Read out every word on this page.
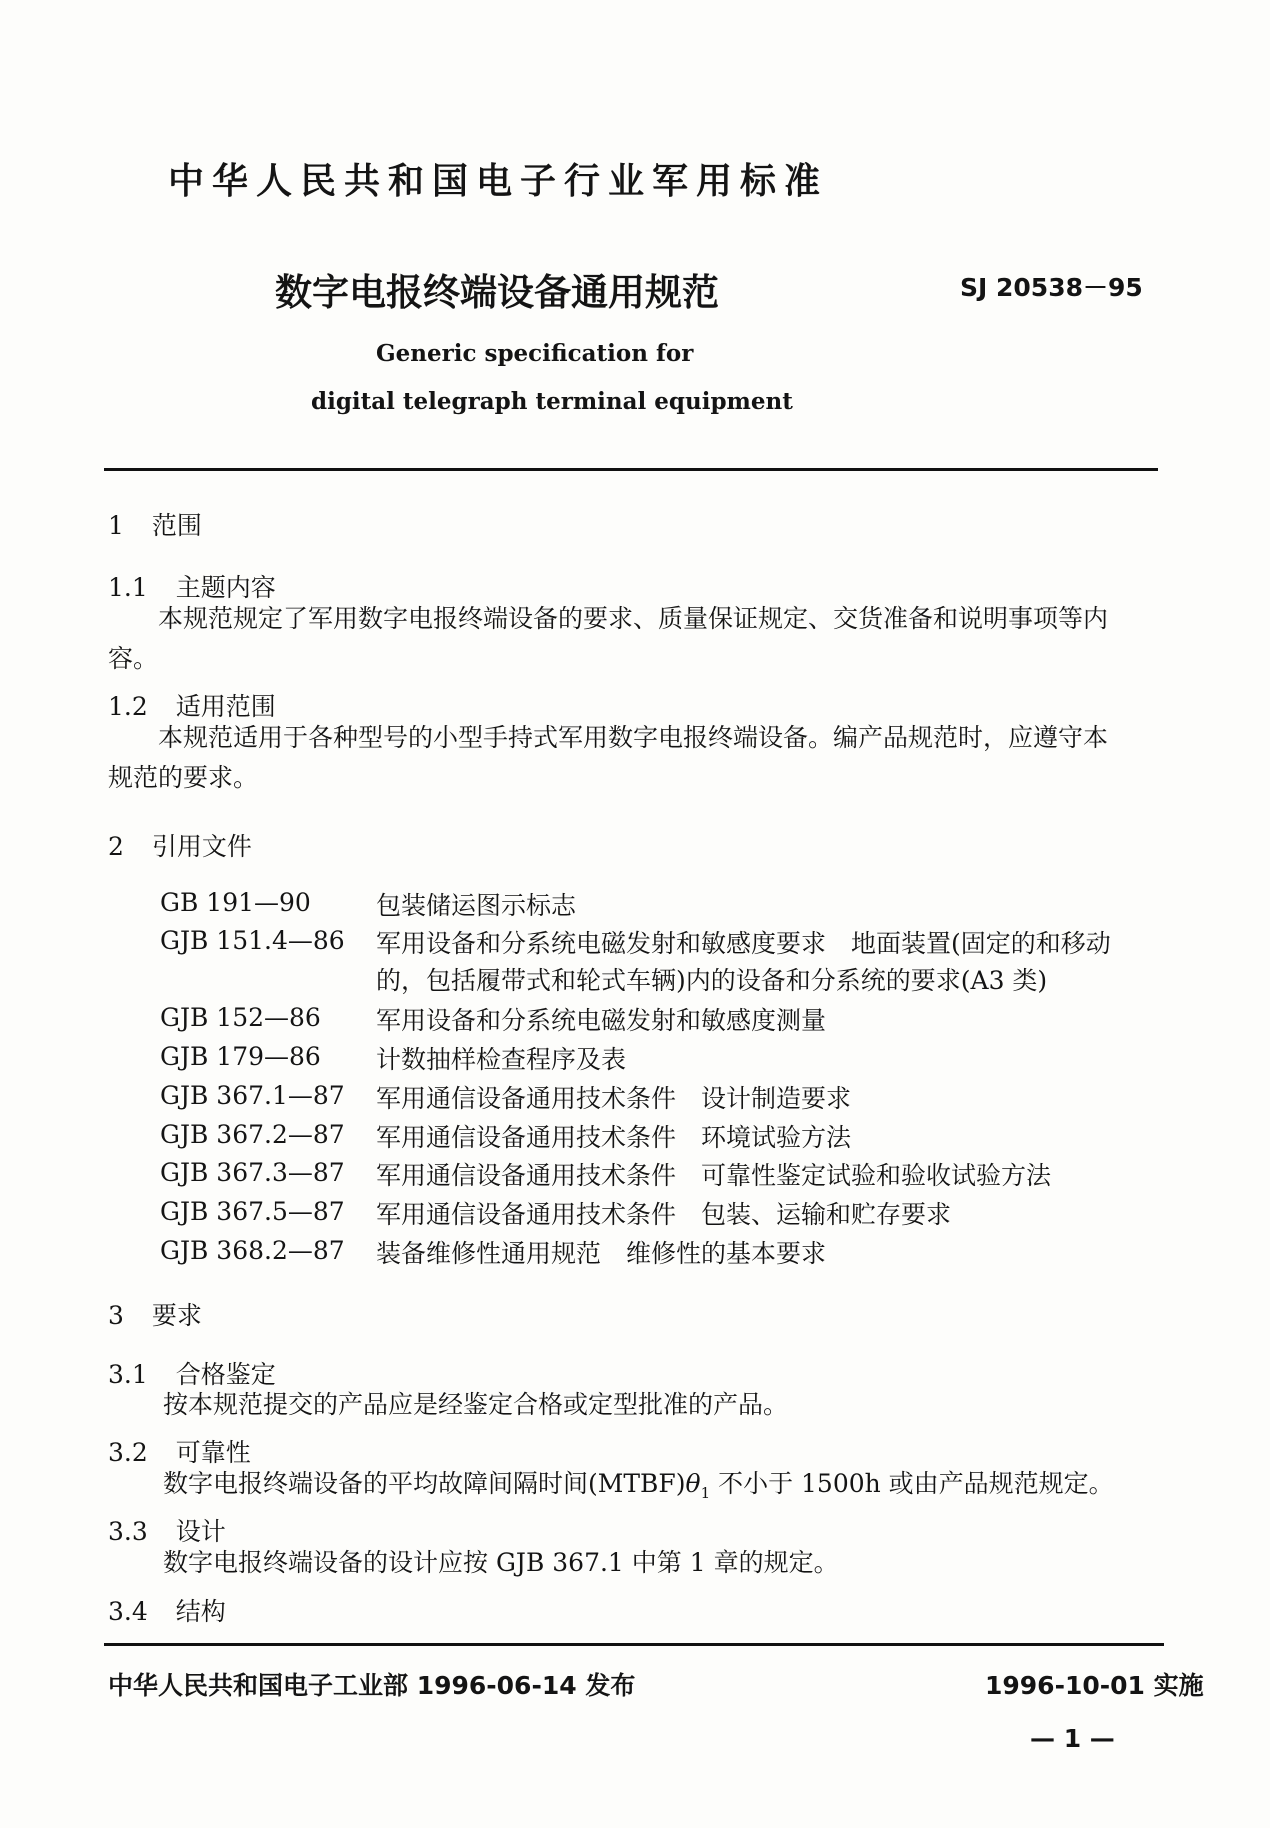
中华人民共和国电子行业军用标准
数字电报终端设备通用规范	SJ 20538－95
Generic specification for
digital telegraph terminal equipment
1 范围
1.1 主题内容
本规范规定了军用数字电报终端设备的要求、质量保证规定、交货准备和说明事项等内
容。
1.2 适用范围
本规范适用于各种型号的小型手持式军用数字电报终端设备。编产品规范时，应遵守本
规范的要求。
2 引用文件
GB 191—90	包装储运图示标志
GJB 151.4—86 军用设备和分系统电磁发射和敏感度要求　地面装置(固定的和移动
的，包括履带式和轮式车辆)内的设备和分系统的要求(A3 类)
GJB 152—86 军用设备和分系统电磁发射和敏感度测量
GJB 179—86 计数抽样检查程序及表
GJB 367.1—87 军用通信设备通用技术条件　设计制造要求
GJB 367.2—87 军用通信设备通用技术条件　环境试验方法
GJB 367.3—87 军用通信设备通用技术条件　可靠性鉴定试验和验收试验方法
GJB 367.5—87 军用通信设备通用技术条件　包装、运输和贮存要求
GJB 368.2—87 装备维修性通用规范　维修性的基本要求
3 要求
3.1 合格鉴定
按本规范提交的产品应是经鉴定合格或定型批准的产品。
3.2 可靠性
数字电报终端设备的平均故障间隔时间$(MTBF)\theta_1$ 不小于 1500h 或由产品规范规定。
3.3 设计
数字电报终端设备的设计应按 GJB 367.1 中第 1 章的规定。
3.4 结构
中华人民共和国电子工业部 1996-06-14 发布	1996-10-01 实施
— 1 —
